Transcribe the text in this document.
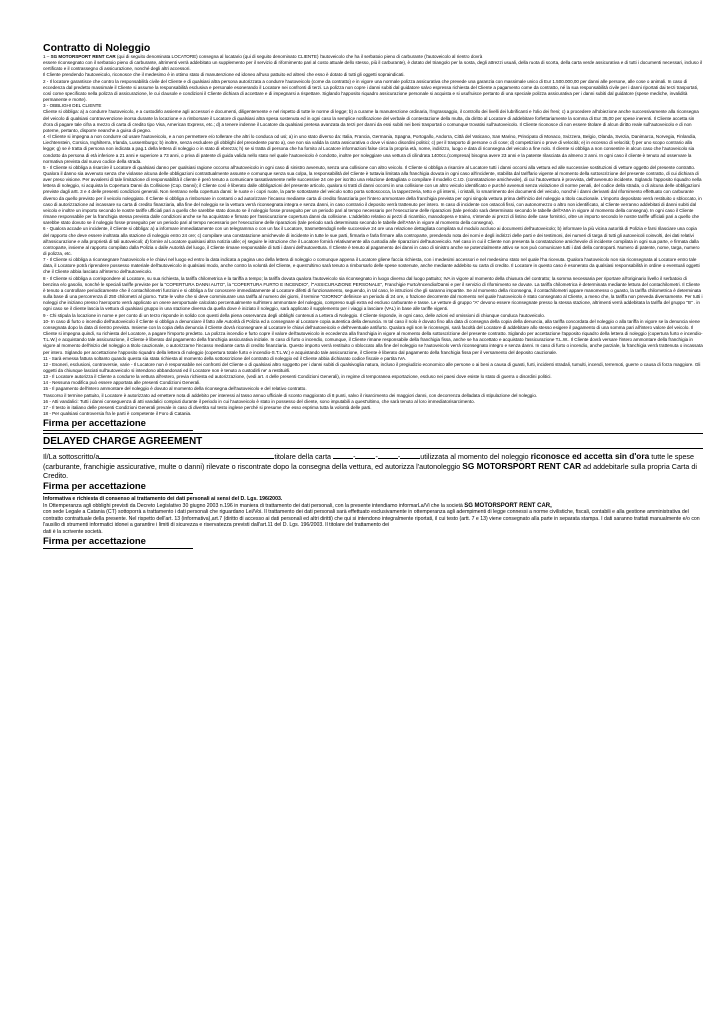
Contratto di Noleggio

1 – SG MOTORSPORT RENT CAR (qui di seguito denominata LOCATORE) consegna al locatario (qui di seguito denominato CLIENTE) l'autoveicolo che ha il serbatoio pieno di carburante (l'autoveicolo al rientro dovrà

essere riconsegnato con il serbatoio pieno di carburante, altrimenti verrà addebitato un supplemento per il servizio di rifornimento pari al costo attuale dello stesso, più il carburante), è dotato del triangolo per la sosta, degli attrezzi usuali, della ruota di scorta, della carta verde assicurativa e di tutti i documenti necessari, incluso il certificato e il contrassegno di assicurazione, nonché degli altri accessori.

Il Cliente prendendo l'autoveicolo, riconosce che il medesimo è in ottimo stato di manutenzione ed idoneo all'uso pattuito ed altresì che esso è dotato di tutti gli oggetti sopraindicati.

2 - Il locatore garantisce che contro la responsabilità civile del Cliente e di qualsiasi altra persona autorizzata a condurre l'autoveicolo (come da contratto) e in vigore una normale polizza assicurativa che prevede una garanzia con massimale unico di Eur 1.500.000,00 per danni alle persone, alle cose o animali. In caso di eccedenza dal predetto massimale il Cliente si assume la responsabilità esclusiva e personale esonerando il Locatore nei confronti di terzi. La polizza non copre i danni subiti dal guidatore salvo espressa richiesta del Cliente a pagamento come da contratto, né la sua responsabilità civile per i danni riportati dai terzi trasportati, così come specificato nella polizza di assicurazione, le cui clausole e condizioni il Cliente dichiara di accettare e di impegnarsi a rispettare. Siglando l'apposito riquadro assicurazione personale si acquista e si usufruisce pertanto di una speciale polizza assicurativa per i danni subiti dal guidatore (spese mediche, invalidità permanente e morte).

3 - OBBLIGHI DEL CLIENTE

Cliente si obbliga: a) a condurre l'autoveicolo, e a custodirlo assieme agli accessori e documenti, diligentemente e nel rispetto di tutte le norme di legge; b) a curarne la manutenzione ordinaria, l'ingrassaggio, il controllo dei livelli dei lubrificanti e l'olio dei freni; c) a procedere all'obiezione anche successivamente alla riconsegna del veicolo di qualsiasi contravvenzione inorsa durante la locazione e a rimborsare il Locatore di qualsiasi altra spesa sostenuta ed in ogni caso la semplice notificazione del verbale di contestazione della multa, da diritto al Locatore di addebitare forfettariamente la somma di Eur 35,00 per spese inerenti. Il Cliente accetta sin d'ora di pagare tale cifra a mezzo di carta di credito tipo Visa, American Express, etc.; d) a tenere indenne il Locatore da qualsiasi pretesa avanzata da terzi per danni da essi subiti nei beni trasportati o comunque trovatisi sull'autoveicolo. Il Cliente riconosce di non essere titolare di alcun diritto reale sull'autoveicolo e di non poterne, pertanto, disporre neanche a guisa di pegno.

4 -Il Cliente si impegna a non condurre od usare l'autoveicolo, e a non permettere e/o tollerare che altri lo conduca od usi; a) in uno stato diverso da: Italia, Francia, Germania, Spagna, Portogallo, Andorra, Città del Vaticano, San Marino, Principato di Monaco, Svizzera, Belgio, Olanda, Svezia, Danimarca, Norvegia, Finlandia, Liechtenstein, Corsica, Inghilterra, Irlanda, Lussemburgo; b) inoltre, senza escludere gli obblighi del precedente punto a), ove non sia valida la carta assicurativa o dove vi siano disordini politici; c) per il trasporto di persone o di cose; d) competizioni o prove di velocità; e) in eccesso di velocità; f) per uno scopo contrario alla legge; g) se è tratta di persona non indicata a pag.1 della lettera di noleggio o in stato di ebrezza; h) se si tratta di persona che ha fornito al Locatore informazioni false circa la propria età, nome, indirizzo, luogo e data di riconsegna del veicolo a fine nolo. Il cliente si obbliga a non consentire in alcun caso che l'autoveicolo sia condotto da persona di età inferiore a 21 anni e superiore a 73 anni, o priva di patente di guida valida nello stato nel quale l'autoveicolo è condotto, inoltre per noleggiare una vettura di cilindrata 1400cc.(compresa) bisogna avere 23 anni e la patente rilasciata da almeno 3 anni. In ogni caso il cliente è tenuto ad osservare la normativa prevista dal nuovo codice della strada.

5 - Il Cliente si obbliga a risarcire il Locatore di qualsiasi danno per qualsiasi ragione occorso all'autoveicolo in ogni caso di sinistro avvenuto, senza una collisione con altro veicolo. Il Cliente si obbliga a risarcire al Locatore tutti i danni occorsi alla vettura ed alle successive sostituzioni di vetture oggetto del presente contratto. Qualora il danno sia avvenuto senza che violasse alcuna delle obbligazioni contrattualmente assunte e comunque senza sua colpa, la responsabilità del Cliente è tuttavia limitata alla franchigia dovuta in ogni caso all'incidente, stabilita dal tariffario vigente al momento della sottoscrizione del presente contratto, di cui dichiara di aver preso visione. Per avvalersi di tale limitazione di responsabilità il cliente è però tenuto a comunicare tassativamente nelle successive 24 ore per iscritto una relazione dettagliata o compilare il modello C.I.D. (constatazione amichevole), di cui l'autovettura è provvista, dell'avvenuto incidente. Siglando l'apposito riquadro nella lettera di noleggio, si acquista la Copertura Danni da Collisione (Cop. Danni); il Cliente così è liberato dalle obbligazioni del presente articolo, qualora si tratti di danni occorsi in una collisione con un altro veicolo identificato e purché avvenuti senza violazione di norme penali, del codice della strada, o di alcuna delle obbligazioni previste dagli artt. 3 e 4 delle presenti condizioni generali. Non rientrano nella copertura danni: le ruote e i copri ruote, la parte sottostante del veicolo sotto porta sottoscocca, la tappezzeria, tetto e gli interni, i cristalli, lo smarrimento dei documenti del veicolo, nonché i danni derivanti dal rifornimento effettuato con carburante diverso da quello previsto per il veicolo noleggiato. Il Cliente si obbliga a rimborsare in contanti o ad autorizzare l'incasso mediante carta di credito finanziaria per l'intero ammontare della franchigia prevista per ogni singola vettura prima dell'inizio del noleggio a titolo cauzionale. L'importo depositato verrà restituito o sbloccato, in caso di autorizzazione ad incassare su carta di credito finanziaria, alla fine del noleggio se la vettura verrà riconsegnata integra e senza danni, in caso contrario il deposito verrà trattenuto per intero. In caso di incidente con ostacoli fissi, con autonomezzo o altro non identificato, al Cliente verranno addebitati di danni subiti dal veicolo e inoltre un importo secondo le nostre tariffe ufficiali pari a quello che sarebbe stato dovuto se il noleggio fosse proseguito per un periodo pari al tempo necessario per l'esecuzione delle riparazioni (tale periodo sarà determinato secondo le tabelle dell'ANIA in vigore al momento della consegna). In ogni caso il Cliente rimane responsabile per la franchigia stessa prevista dalle condizioni anche se ha acquistato e firmato per l'assicurazione copertura danni da collisione. L'addebito relativo ai pezzi di ricambio, manodopera e traino, s'intende ai prezzi di listino delle case fornitrici, oltre un importo secondo le nostre tariffe ufficiali pari a quello che sarebbe stato dovuto se il noleggio fosse proseguito per un periodo pari al tempo necessario per l'esecuzione delle riparazioni (tale periodo sarà determinato secondo le tabelle dell'ANIA in vigore al momento della consegna).

6 - Qualora accade un incidente, il Cliente si obbliga: a) a informare immediatamente con un telegramma o con un fax il Locatore, trasmettendogli nelle successive 24 ore una relazione dettagliata compilata sul modulo accluso ai documenti dell'autoveicolo; b) informare la più vicina autorità di Polizia e farsi rilasciare una copia del rapporto che deve essere inoltrata alla stazione di noleggio entro 24 ore; c) compilare una constatazione amichevole di incidente in tutte le sue parti, firmarla e farla firmare alla controparte, prendendo nota dei nomi e degli indirizzi delle parti e dei testimoni, dei numeri di targa di tutti gli autoveicoli coinvolti, dei dati relativi all'assicurazione e alla proprietà di tali autoveicoli; d) fornire al Locatore qualsiasi altra notizia utile; e) seguire le istruzione che il Locatore fornirà relativamente alla custodia alle riparazioni dell'autoveicolo. Nel caso in cui il Cliente non presenta la constatazione amichevole di incidente compilata in ogni sua parte, e firmata dalla controparte, insieme al rapporto compilato dalla Polizia o dalle Autorità del luogo, il Cliente rimane responsabile di tutti i danni dell'autovettura. Il Cliente è tenuto al pagamento dei danni in caso di sinistro anche se potenzialmente attivo se non può comunicare tutti i dati della controparti. Numero di patente, nome, targa, numero di polizza, etc.

7 - Il Cliente si obbliga a riconsegnare l'autoveicolo e le chiavi nel luogo ed entro la data indicata a pagina uno della lettera di noleggio o comunque appena il Locatore gliene faccia richiesta, con i medesimi accessori e nel medesimo stato nel quale l'ha ricevuta. Qualora l'autoveicolo non sia riconsegnata al Locatore entro tale data, il Locatore potrà riprendere possesso materiale dell'autoveicolo in qualsiasi modo, anche contro la volontà del Cliente, e quest'ultimo sarà tenuto a rimborsarlo delle spese sostenute, anche mediante addebito su carta di credito. Il Locatore in questo caso è esonerato da qualsiasi responsabilità in ordine o eventuali oggetti che il Cliente abbia lasciato all'interno dell'autoveicolo.

8 - Il Cliente si obbliga a corrispondere al Locatore, su sua richiesta, la tariffa chilometrica e la tariffa a tempo; la tariffa dovuta qualora l'autoveicolo sia riconsegnato in luogo diverso dal luogo pattuito; IVA in vigore al momento della chiusura del contratto; la somma necessaria per riportare all'originario livello il serbatoio di benzina e/o gasolio, nonché le speciali tariffe previste per la "COPERTURA DANNI AUTO", la "COPERTURA FURTO E INCENDIO", l'"ASSICURAZIONE PERSONALE", Franchigie Furto/Incendio/Danni e per il servizio di rifornimento se dovute. La tariffa chilometrica è determinata mediante lettura del contachilometri. Il Cliente è tenuto a controllare periodicamente che il contachilometri funzioni e si obbliga a far conoscere immediatamente al Locatore difetti di funzionamento, seguendo, in tal caso, le istruzioni che gli saranno impartite. Se al momento della riconsegna, il contachilometri appare manomesso o guasto, la tariffa chilometrica è determinata sulla base di una percorrenza di 250 chilometri al giorno. Tutte le volte che si deve commisurare una tariffa al numero dei giorni, il termine "GIORNO" definisce un periodo di 24 ore, o frazione decorrente dal momento nel quale l'autoveicolo è stato consegnato al Cliente, a meno che, la tariffa non preveda diversamente. Per tutti i noleggi che iniziano presso l'aeroporto verrà applicato un onere aeroportuale calcolato percentualmente sull'intero ammontare del noleggio, compreso sugli extra ed escluso carburante e tasse. Le vetture di gruppo "A" devono essere riconsegnate presso la stessa stazione, altrimenti verrà addebitata la tariffa del gruppo "B" . in ogni caso se il cliente lascia la vettura di qualsiasi gruppo in una stazione diversa da quella dove è iniziato il noleggio, sarà applicato il supplemento per i viaggi a lasciare (VAL) in base alle tariffe vigenti.

9 - Chi stipula la locazione in nome e per conto di un terzo risponde in solido con questi della piena osservanza degli obblighi contenuti a Lettera di Noleggio. Il Cliente risponde, in ogni caso, delle azioni ed omissioni di chiunque conduca l'autoveicolo.

10- In caso di furto o incendio dell'autoveicolo il Cliente si obbliga a denunciare il fatto alle Autorità di Polizia ed a consegnare al Locatore copia autentica della denuncia. In tal caso il nolo è dovuto fino alla data di consegna della copia della denuncia, alla tariffa concordata del noleggio o alla tariffa in vigore se la denuncia viene consegnata dopo la data di rientro prevista. Insieme con la copia della denuncia il Cliente dovrà riconsegnare al Locatore le chiavi dell'autoveicolo e dell'eventuale antifurto. Qualora egli non le riconsegni, sarà facoltà del Locatore di addebitare allo stesso esigere il pagamento di una somma pari all'intero valore del veicolo. Il Cliente si impegna quindi, su richiesta del Locatore, a pagare l'importo predetto. La polizza incendio e furto copre il valore dell'autoveicolo in eccedenza alla franchigia in vigore al momento della sottoscrizione del presente contratto. Siglando per accettazione l'apposito riquadro della lettera di noleggio (copertura furto e incendio-T.L.W.) e acquistando tale assicurazione, il Cliente è liberato dal pagamento della franchigia assicurativa iniziale. In caso di furto o incendio, comunque, il Cliente rimane responsabile della franchigia fissa, anche se ha accettato e acquistato l'assicurazione T.L.W.. Il Cliente dovrà versare l'intero ammontare della franchigia in vigore al momento dell'inizio del noleggio a titolo cauzionale, o autorizzarne l'incasso mediante carta di credito finanziaria. Questo importo verrà restituito o sbloccato alla fine del noleggio se l'autoveicolo verrà riconsegnato integro e senza danni. In caso di furto o incendio, anche parziale, la franchigia verrà trattenuta o incassata per intero. Siglando per accettazione l'apposito riquadro della lettera di noleggio (copertura totale furto e incendio-S.T.L.W.) e acquistando tale assicurazione, il Cliente è liberato dal pagamento della franchigia fissa per il versamento del deposito cauzionale.

11 - Sarà emessa fattura soltanto quando questa sia stata richiesta al momento della sottoscrizione del contratto di noleggio ed il Cliente abbia dichiarato codice fiscale e partita IVA.

12 - Esoneri, esclusioni, controversie, varie - Il Locatore non è responsabile nei confronti del Cliente o di qualsiasi altro soggetto per i danni subiti di qualsivoglia natura, incluso il pregiudizio economico alle persone o ai beni a causa di guasti, furti, incidenti stradali, tumulti, incendi, terremoti, guerre o causa di forza maggiore. Gli oggetti da chiunque lasciati sull'autoveicolo si intendono abbandonati ed il Locatore non è tenuto a custodirli ne' a restituirli.

13 - Il Locatore autorizza il Cliente a condurre la vettura all'estero, previa richiesta ed autorizzazione, (vedi art. 4 delle presenti Condizioni Generali), in regime di temporanea esportazione, escluso nei paesi dove esiste lo stato di guerra o disordini politici.

14 - Nessuna modifica può essere apportata alle presenti Condizioni Generali.

15 - Il pagamento dell'intero ammontare del noleggio è dovuto al momento della riconsegna dell'autoveicolo e del relativo contratto.

Trascorso il termine pattuito, il Locatore è autorizzato ad emettere nota di addebito per interessi al tasso annuo ufficiale di sconto maggiorato di 8 punti, salvo il risarcimento dei maggiori danni, con decorrenza delladata di stipulazione del noleggio.

16 - Atti vandalici: Tutti i danni conseguenza di atti vandalici compiuti durante il periodo in cui l'autoveicolo è stato in possesso del cliente, sono imputabili a quest'ultimo, che sarà tenuto al loro immediatorisarcimento.

17 - Il testo in italiano delle presenti Condizioni Generali prevale in caso di divertita sul testo inglese perché si presume che esso esprima tutta la volontà delle parti.

18 - Per qualsiasi controversia fra le parti è competente il Foro di Catania.

Firma per accettazione

DELAYED CHARGE AGREEMENT

Il/La sottoscritto/a	titolare della carta	-	-	-	utilizzata al momento del noleggio riconosce ed accetta sin d'ora tutte le spese (carburante, franchigie assicurative, multe o danni) rilevate o riscontrate dopo la consegna della vettura, ed autorizza l'autonoleggio SG MOTORSPORT RENT CAR ad addebitarle sulla propria Carta di Credito.

Firma per accettazione

Informativa e richiesta di consenso al trattamento dei dati personali ai sensi del D. Lgs. 196/2003.

In Ottemperanza agli obblighi previsti da Decreto Legislativo 30 giugno 2003 n.196 in maniera di trattamento dei dati personali, con la presente intendiamo informarLa/Vi che la società SG MOTORSPORT RENT CAR,

con sede Legale a Catania (CT) sottoporrà a trattamento i dati personali che riguardano Lei/Voi. Il trattamento dei dati personali sarà effettuato esclusivamente in ottemperanza agli adempimenti di legge connessi a norme civilistiche, fiscali, contabili e alla gestione amministrativa del contratto contrattuale della presente. Nel rispetto dell'art. 13 (informativa),art.7 (diritto di accesso ai dati personali ed altri diritti) che qui si intendono integralmente riportati, il cui testo (artt. 7 e 13) viene consegnato alla parte in separata stampa. I dati saranno trattati manualmente e/o con l'ausilio di strumenti informatici idonei a garantire i limiti di sicurezza e riservatezza previsti dall'art.11 del D. Lgs. 196/2003. Il titolare del trattamento dei

dati è la scrivente società.

Firma per accettazione
